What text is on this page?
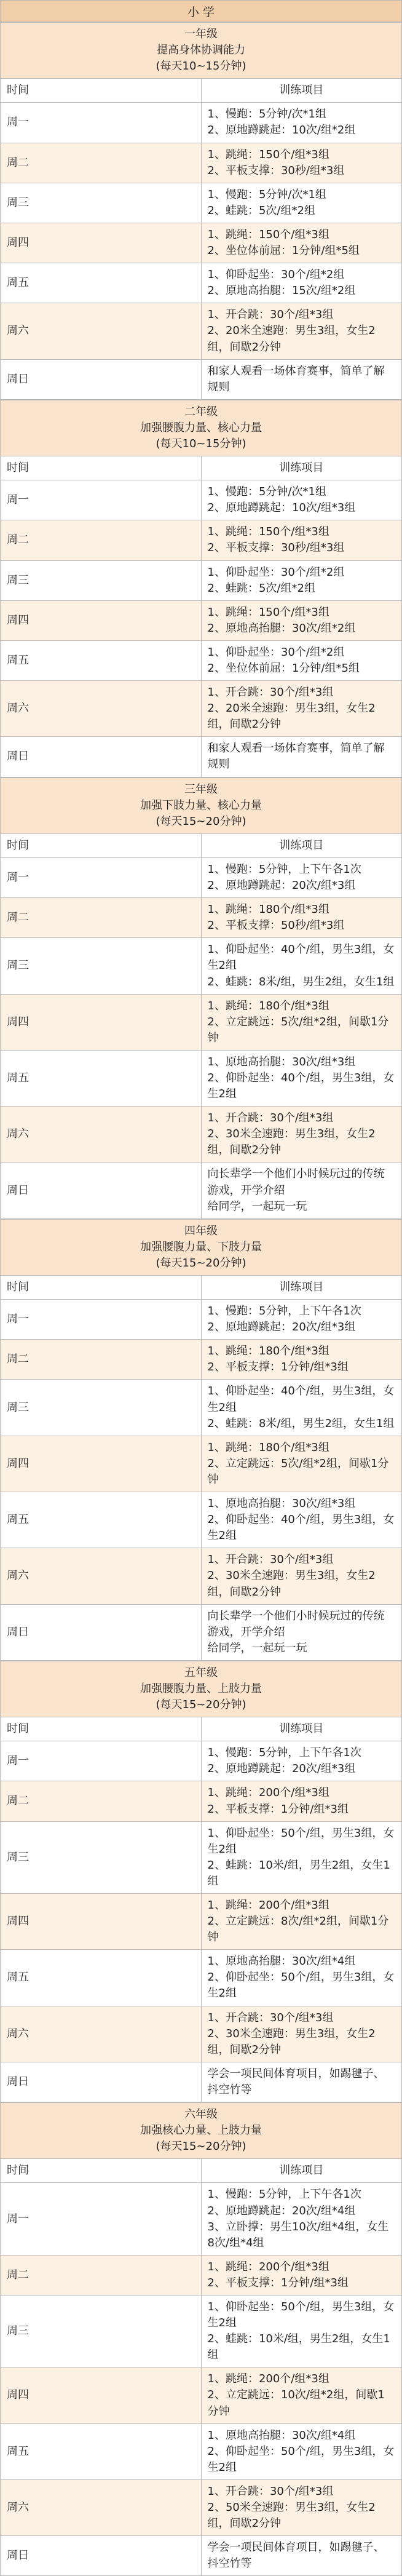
小 学
一年级
提高身体协调能力
(每天10~15分钟)	

时间	训练项目
周一	1、慢跑：5分钟/次*1组
2、原地蹲跳起：10次/组*2组

周二	1、跳绳：150个/组*3组
2、平板支撑：30秒/组*3组

周三	1、慢跑：5分钟/次*1组
2、蛙跳：5次/组*2组

周四	1、跳绳：150个/组*3组
2、坐位体前屈：1分钟/组*5组

周五	1、仰卧起坐：30个/组*2组
2、原地高抬腿：15次/组*2组

周六	1、开合跳：30个/组*3组
2、20米全速跑：男生3组，女生2组，间歇2分钟

周日	和家人观看一场体育赛事，简单了解规则
二年级
加强腰腹力量、核心力量
(每天10~15分钟)	

时间	训练项目
周一	1、慢跑：5分钟/次*1组
2、原地蹲跳起：10次/组*3组

周二	1、跳绳：150个/组*3组
2、平板支撑：30秒/组*3组

周三	1、仰卧起坐：30个/组*2组
2、蛙跳：5次/组*2组

周四	1、跳绳：150个/组*3组
2、原地高抬腿：30次/组*2组

周五	1、仰卧起坐：30个/组*2组
2、坐位体前屈：1分钟/组*5组

周六	1、开合跳：30个/组*3组
2、20米全速跑：男生3组，女生2组，间歇2分钟

周日	和家人观看一场体育赛事，简单了解规则
三年级
加强下肢力量、核心力量
(每天15~20分钟)	

时间	训练项目
周一	1、慢跑：5分钟，上下午各1次
2、原地蹲跳起：20次/组*3组

周二	1、跳绳：180个/组*3组
2、平板支撑：50秒/组*3组

周三	1、仰卧起坐：40个/组，男生3组，女生2组
2、蛙跳：8米/组，男生2组，女生1组

周四	1、跳绳：180个/组*3组
2、立定跳远：5次/组*2组，间歇1分钟

周五	1、原地高抬腿：30次/组*3组
2、仰卧起坐：40个/组，男生3组，女生2组

周六	1、开合跳：30个/组*3组
2、30米全速跑：男生3组，女生2组，间歇2分钟

周日	向长辈学一个他们小时候玩过的传统游戏，开学介绍
给同学，一起玩一玩
四年级
加强腰腹力量、下肢力量
(每天15~20分钟)	

时间	训练项目
周一	1、慢跑：5分钟，上下午各1次
2、原地蹲跳起：20次/组*3组

周二	1、跳绳：180个/组*3组
2、平板支撑：1分钟/组*3组

周三	1、仰卧起坐：40个/组，男生3组，女生2组
2、蛙跳：8米/组，男生2组，女生1组

周四	1、跳绳：180个/组*3组
2、立定跳远：5次/组*2组，间歇1分钟

周五	1、原地高抬腿：30次/组*3组
2、仰卧起坐：40个/组，男生3组，女生2组

周六	1、开合跳：30个/组*3组
2、30米全速跑：男生3组，女生2组，间歇2分钟

周日	向长辈学一个他们小时候玩过的传统游戏，开学介绍
给同学，一起玩一玩
五年级
加强腰腹力量、上肢力量
(每天15~20分钟)	

时间	训练项目
周一	1、慢跑：5分钟，上下午各1次
2、原地蹲跳起：20次/组*3组

周二	1、跳绳：200个/组*3组
2、平板支撑：1分钟/组*3组

周三	1、仰卧起坐：50个/组，男生3组，女生2组
2、蛙跳：10米/组，男生2组，女生1组

周四	1、跳绳：200个/组*3组
2、立定跳远：8次/组*2组，间歇1分钟

周五	1、原地高抬腿：30次/组*4组
2、仰卧起坐：50个/组，男生3组，女生2组

周六	1、开合跳：30个/组*3组
2、30米全速跑：男生3组，女生2组，间歇2分钟

周日	学会一项民间体育项目，如踢毽子、抖空竹等
六年级
加强核心力量、上肢力量
(每天15~20分钟)	

时间	训练项目
周一	1、慢跑：5分钟，上下午各1次
2、原地蹲跳起：20次/组*4组
3、立卧撑：男生10次/组*4组，女生8次/组*4组

周二	1、跳绳：200个/组*3组
2、平板支撑：1分钟/组*3组

周三	1、仰卧起坐：50个/组，男生3组，女生2组
2、蛙跳：10米/组，男生2组，女生1组

周四	1、跳绳：200个/组*3组
2、立定跳远：10次/组*2组，间歇1分钟

周五	1、原地高抬腿：30次/组*4组
2、仰卧起坐：50个/组，男生3组，女生2组

周六	1、开合跳：30个/组*3组
2、50米全速跑：男生3组，女生2组，间歇2分钟

周日	学会一项民间体育项目，如踢毽子、抖空竹等
